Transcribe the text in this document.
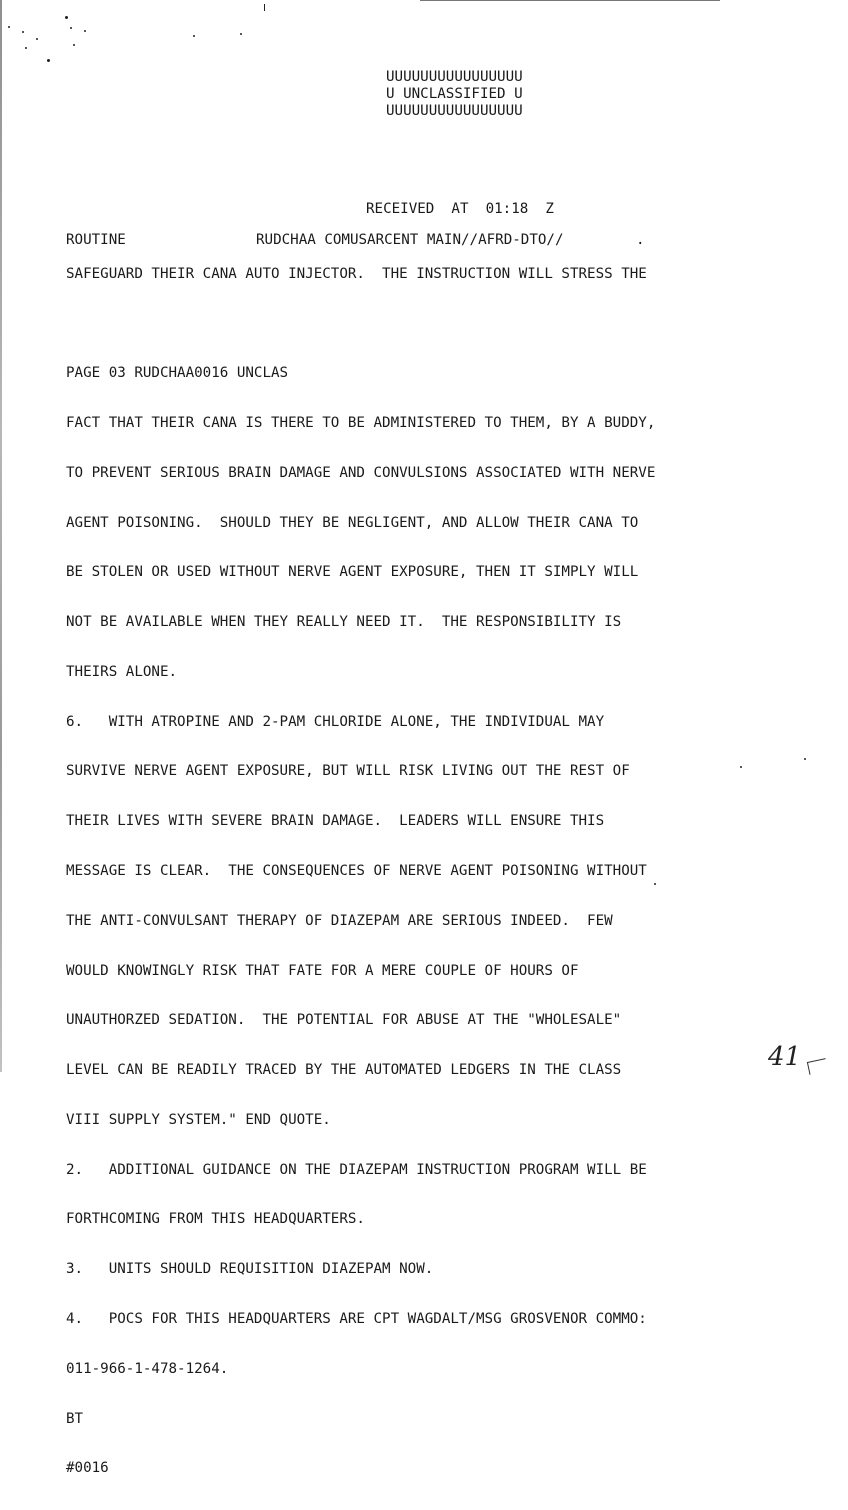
UUUUUUUUUUUUUUUU
U UNCLASSIFIED U
UUUUUUUUUUUUUUUU
RECEIVED  AT  01:18  Z
ROUTINE	RUDCHAA COMUSARCENT MAIN//AFRD-DTO//	.
SAFEGUARD THEIR CANA AUTO INJECTOR.  THE INSTRUCTION WILL STRESS THE

PAGE 03 RUDCHAA0016 UNCLAS

FACT THAT THEIR CANA IS THERE TO BE ADMINISTERED TO THEM, BY A BUDDY,

TO PREVENT SERIOUS BRAIN DAMAGE AND CONVULSIONS ASSOCIATED WITH NERVE

AGENT POISONING.  SHOULD THEY BE NEGLIGENT, AND ALLOW THEIR CANA TO

BE STOLEN OR USED WITHOUT NERVE AGENT EXPOSURE, THEN IT SIMPLY WILL

NOT BE AVAILABLE WHEN THEY REALLY NEED IT.  THE RESPONSIBILITY IS

THEIRS ALONE.

6.   WITH ATROPINE AND 2-PAM CHLORIDE ALONE, THE INDIVIDUAL MAY

SURVIVE NERVE AGENT EXPOSURE, BUT WILL RISK LIVING OUT THE REST OF

THEIR LIVES WITH SEVERE BRAIN DAMAGE.  LEADERS WILL ENSURE THIS

MESSAGE IS CLEAR.  THE CONSEQUENCES OF NERVE AGENT POISONING WITHOUT

THE ANTI-CONVULSANT THERAPY OF DIAZEPAM ARE SERIOUS INDEED.  FEW

WOULD KNOWINGLY RISK THAT FATE FOR A MERE COUPLE OF HOURS OF

UNAUTHORZED SEDATION.  THE POTENTIAL FOR ABUSE AT THE "WHOLESALE"

LEVEL CAN BE READILY TRACED BY THE AUTOMATED LEDGERS IN THE CLASS

VIII SUPPLY SYSTEM." END QUOTE.

2.   ADDITIONAL GUIDANCE ON THE DIAZEPAM INSTRUCTION PROGRAM WILL BE

FORTHCOMING FROM THIS HEADQUARTERS.

3.   UNITS SHOULD REQUISITION DIAZEPAM NOW.

4.   POCS FOR THIS HEADQUARTERS ARE CPT WAGDALT/MSG GROSVENOR COMMO:

011-966-1-478-1264.

BT

#0016

41
